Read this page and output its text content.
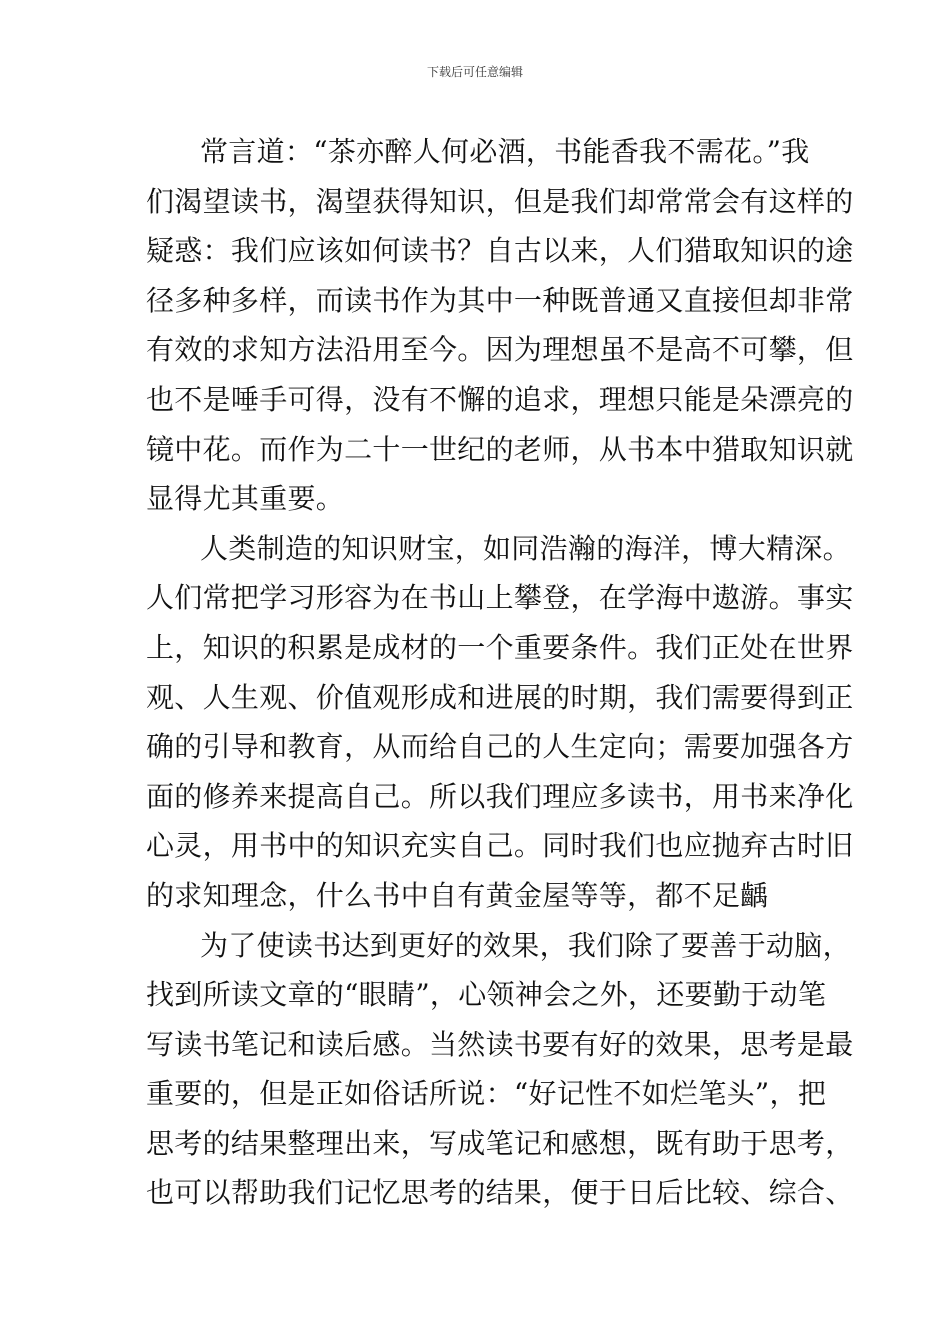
下载后可任意编辑
常言道：“茶亦醉人何必酒，书能香我不需花。”我
们渴望读书，渴望获得知识，但是我们却常常会有这样的
疑惑：我们应该如何读书？自古以来，人们猎取知识的途
径多种多样，而读书作为其中一种既普通又直接但却非常
有效的求知方法沿用至今。因为理想虽不是高不可攀，但
也不是唾手可得，没有不懈的追求，理想只能是朵漂亮的
镜中花。而作为二十一世纪的老师，从书本中猎取知识就
显得尤其重要。
人类制造的知识财宝，如同浩瀚的海洋，博大精深。
人们常把学习形容为在书山上攀登，在学海中遨游。事实
上，知识的积累是成材的一个重要条件。我们正处在世界
观、人生观、价值观形成和进展的时期，我们需要得到正
确的引导和教育，从而给自己的人生定向；需要加强各方
面的修养来提高自己。所以我们理应多读书，用书来净化
心灵，用书中的知识充实自己。同时我们也应抛弃古时旧
的求知理念，什么书中自有黄金屋等等，都不足齲
为了使读书达到更好的效果，我们除了要善于动脑，
找到所读文章的“眼睛”，心领神会之外，还要勤于动笔
写读书笔记和读后感。当然读书要有好的效果，思考是最
重要的，但是正如俗话所说：“好记性不如烂笔头”，把
思考的结果整理出来，写成笔记和感想，既有助于思考，
也可以帮助我们记忆思考的结果，便于日后比较、综合、
